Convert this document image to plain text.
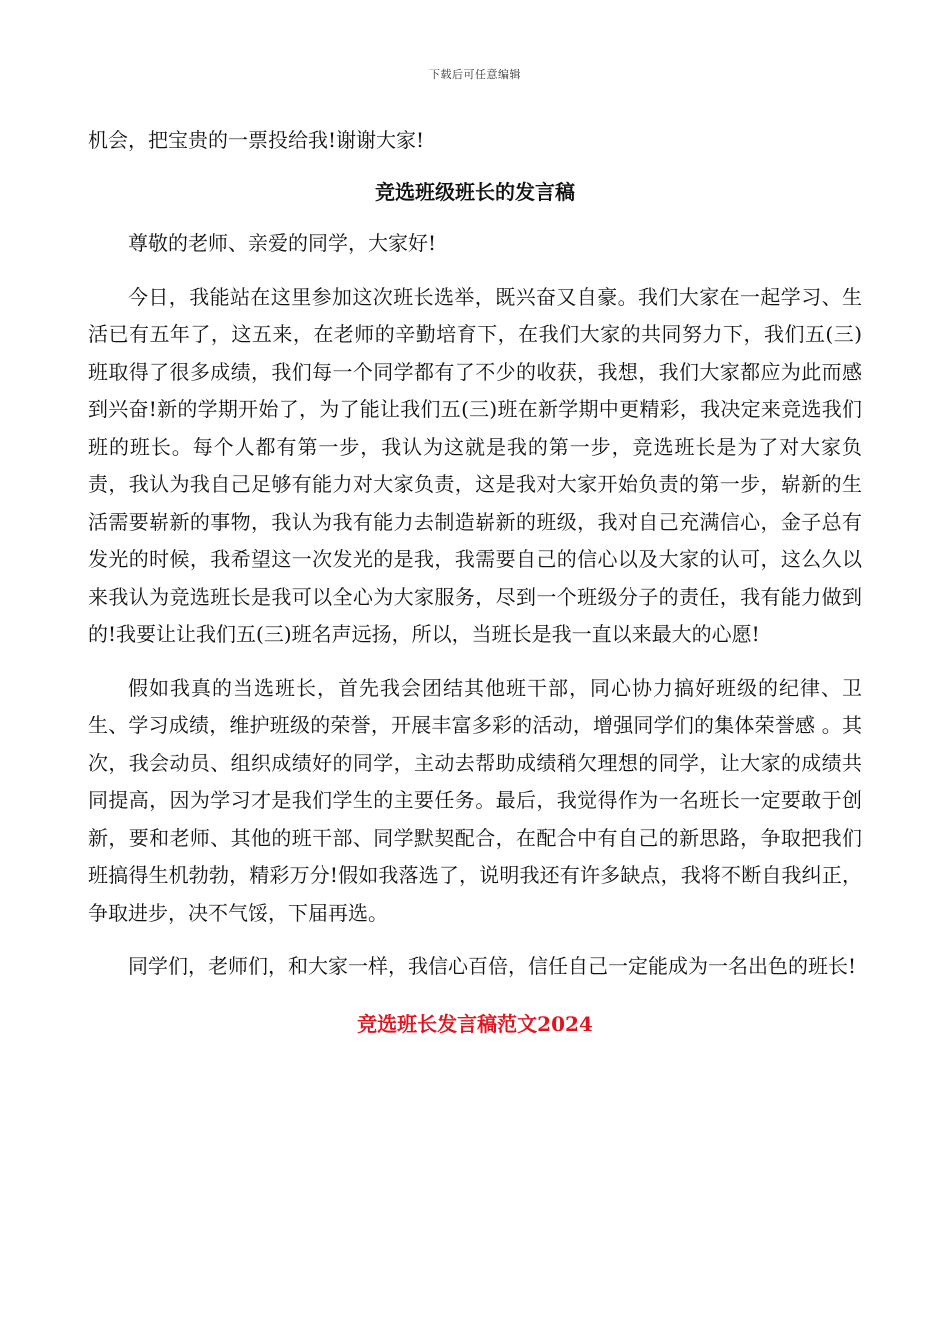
下载后可任意编辑

机会，把宝贵的一票投给我!谢谢大家!

竞选班级班长的发言稿

尊敬的老师、亲爱的同学，大家好!

今日，我能站在这里参加这次班长选举，既兴奋又自豪。我们大家在一起学习、生活已有五年了，这五来，在老师的辛勤培育下，在我们大家的共同努力下，我们五(三)班取得了很多成绩，我们每一个同学都有了不少的收获，我想，我们大家都应为此而感到兴奋!新的学期开始了，为了能让我们五(三)班在新学期中更精彩，我决定来竞选我们班的班长。每个人都有第一步，我认为这就是我的第一步，竞选班长是为了对大家负责，我认为我自己足够有能力对大家负责，这是我对大家开始负责的第一步，崭新的生活需要崭新的事物，我认为我有能力去制造崭新的班级，我对自己充满信心，金子总有发光的时候，我希望这一次发光的是我，我需要自己的信心以及大家的认可，这么久以来我认为竞选班长是我可以全心为大家服务，尽到一个班级分子的责任，我有能力做到的!我要让让我们五(三)班名声远扬，所以，当班长是我一直以来最大的心愿!

假如我真的当选班长，首先我会团结其他班干部，同心协力搞好班级的纪律、卫生、学习成绩，维护班级的荣誉，开展丰富多彩的活动，增强同学们的集体荣誉感 。其次，我会动员、组织成绩好的同学，主动去帮助成绩稍欠理想的同学，让大家的成绩共同提高，因为学习才是我们学生的主要任务。最后，我觉得作为一名班长一定要敢于创新，要和老师、其他的班干部、同学默契配合，在配合中有自己的新思路，争取把我们班搞得生机勃勃，精彩万分!假如我落选了，说明我还有许多缺点，我将不断自我纠正，争取进步，决不气馁，下届再选。

同学们，老师们，和大家一样，我信心百倍，信任自己一定能成为一名出色的班长!

竞选班长发言稿范文2024
